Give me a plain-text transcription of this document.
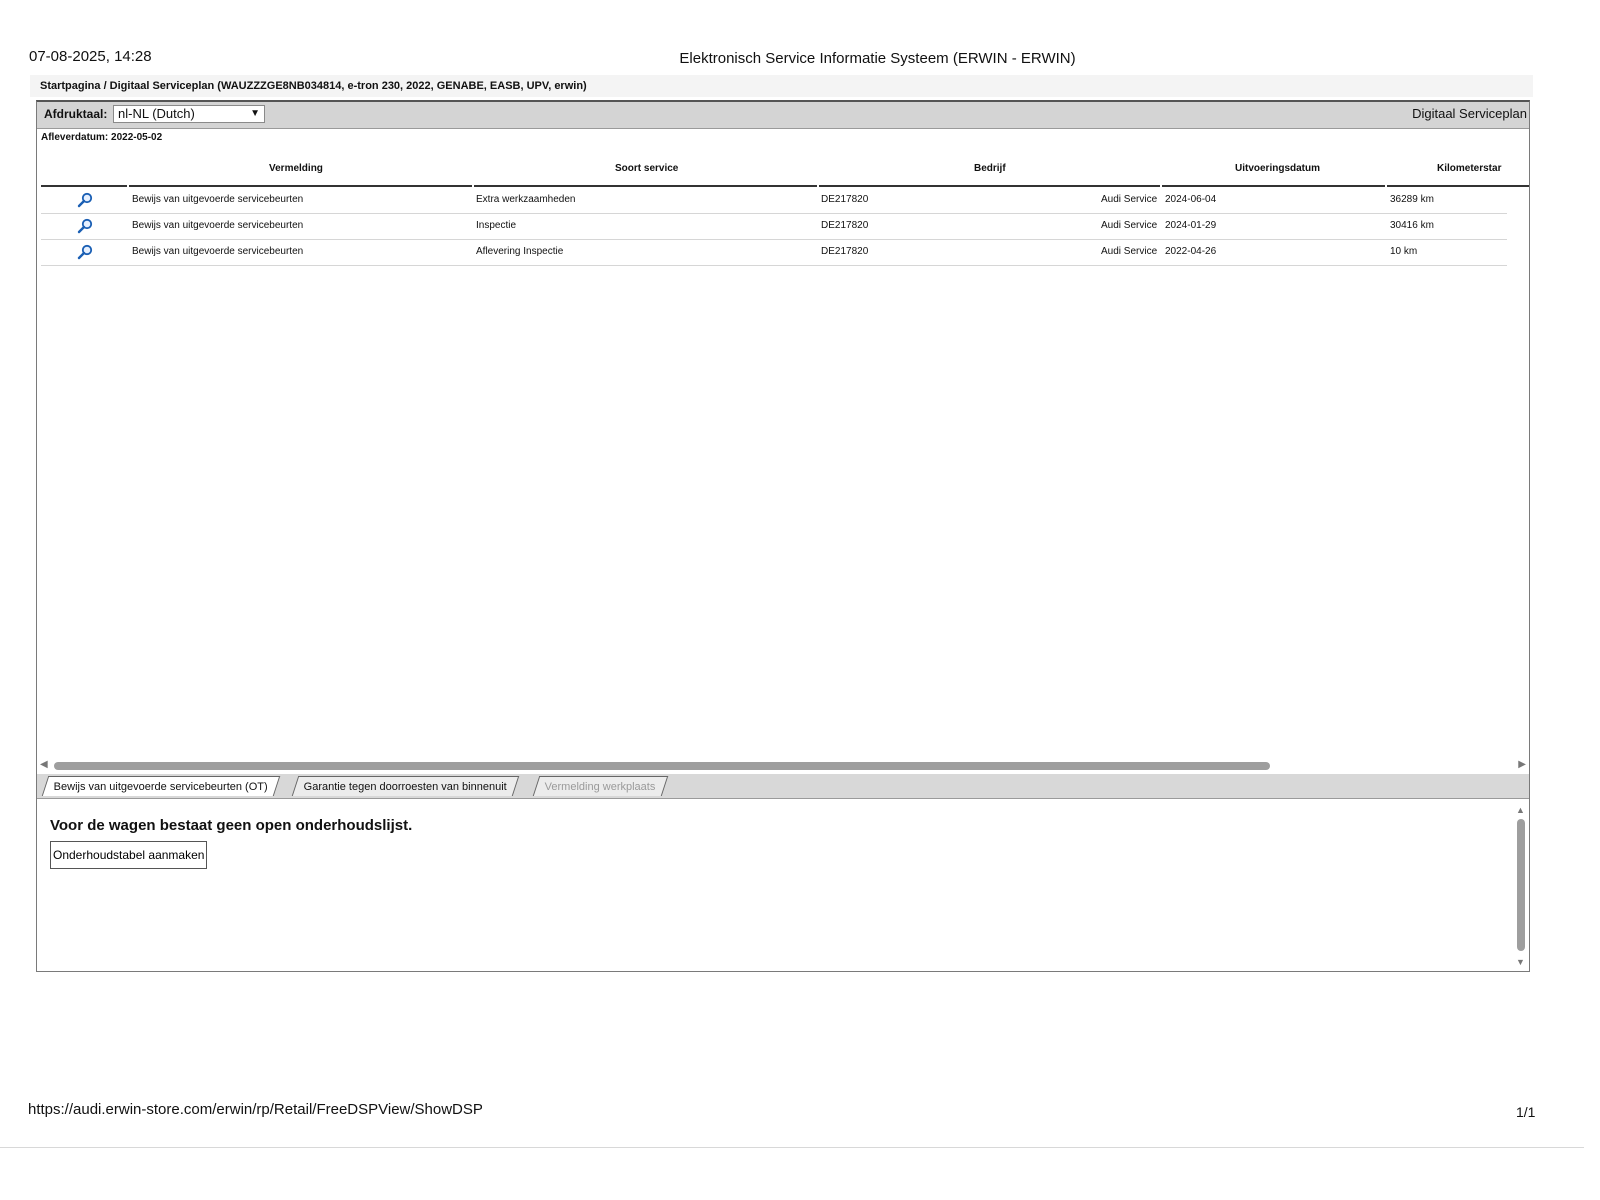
07-08-2025, 14:28	Elektronisch Service Informatie Systeem (ERWIN - ERWIN)
Startpagina / Digitaal Serviceplan (WAUZZZGE8NB034814, e-tron 230, 2022, GENABE, EASB, UPV, erwin)
Afdruktaal: nl-NL (Dutch)	▼	Digitaal Serviceplan
Afleverdatum: 2022-05-02
Vermelding	Soort service	Bedrijf	Uitvoeringsdatum	Kilometerstar
Bewijs van uitgevoerde servicebeurten	Extra werkzaamheden	DE217820	Audi Service 2024-06-04	36289 km
Bewijs van uitgevoerde servicebeurten	Inspectie	DE217820	Audi Service 2024-01-29	30416 km
Bewijs van uitgevoerde servicebeurten	Aflevering Inspectie	DE217820	Audi Service 2022-04-26	10 km
◀	▶
Bewijs van uitgevoerde servicebeurten (OT)	Garantie tegen doorroesten van binnenuit	Vermelding werkplaats
Voor de wagen bestaat geen open onderhoudslijst.
Onderhoudstabel aanmaken
▲
▼
https://audi.erwin-store.com/erwin/rp/Retail/FreeDSPView/ShowDSP	1/1
